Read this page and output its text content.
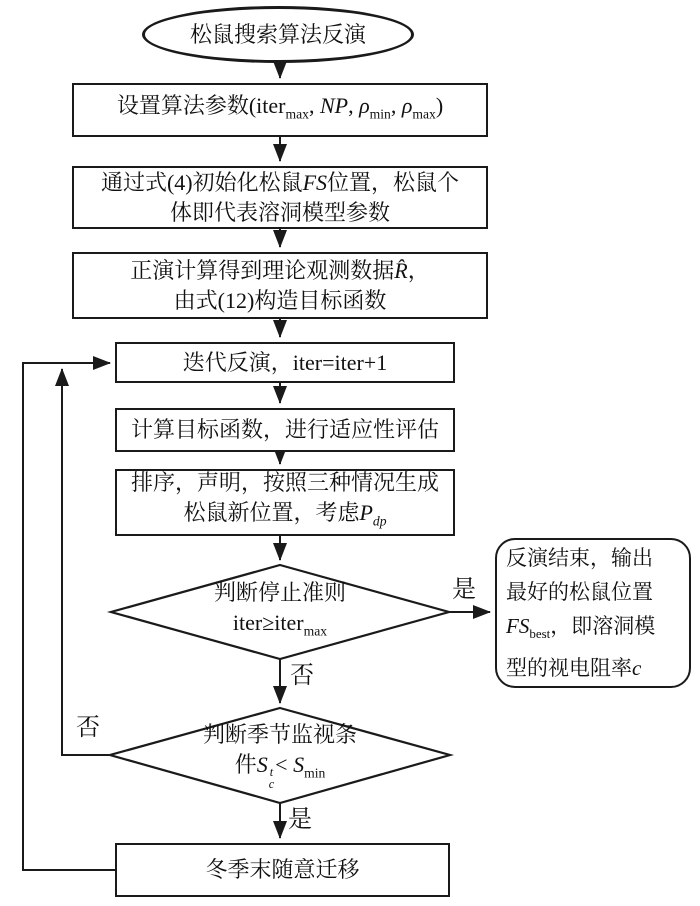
松鼠搜索算法反演
设置算法参数(iter$_{max}$, NP, $\rho_{min}$, $\rho_{max}$)
通过式(4)初始化松鼠FS位置，松鼠个
体即代表溶洞模型参数
正演计算得到理论观测数据R̂，
由式(12)构造目标函数
迭代反演，iter=iter+1
计算目标函数，进行适应性评估
排序，声明，按照三种情况生成
松鼠新位置，考虑$P_{dp}$
判断停止准则
iter≥iter$_{max}$
反演结束，输出
最好的松鼠位置
$FS_{best}$，即溶洞模
型的视电阻率c
判断季节监视条
件S t
c
< $S_{min}$
冬季末随意迁移
是
否
否
是
